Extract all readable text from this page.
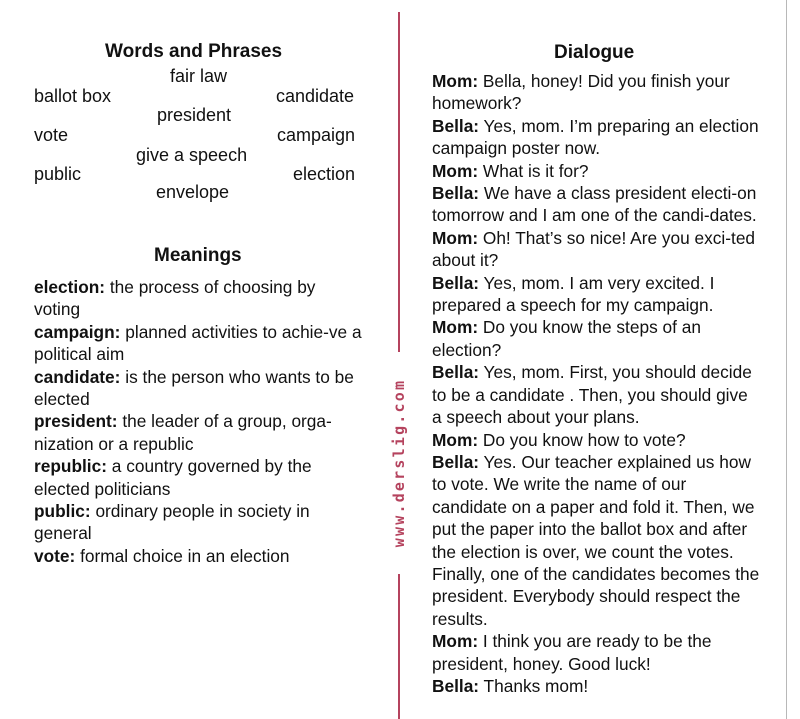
Words and Phrases
fair law
ballot box	candidate
president
vote	campaign
give a speech
public	election
envelope
Meanings

election: the process of choosing by voting

campaign: planned activities to achie-ve a political aim

candidate: is the person who wants to be elected

president: the leader of a group, orga-nization or a republic

republic: a country governed by the elected politicians

public: ordinary people in society in general

vote: formal choice in an election

www.derslig.com
Dialogue

Mom: Bella, honey! Did you finish your homework?

Bella: Yes, mom. I’m preparing an election campaign poster now.

Mom: What is it for?

Bella: We have a class president electi-on tomorrow and I am one of the candi-dates.

Mom: Oh! That’s so nice! Are you exci-ted about it?

Bella: Yes, mom. I am very excited. I prepared a speech for my campaign.

Mom: Do you know the steps of an election?

Bella: Yes, mom. First, you should decide to be a candidate . Then, you should give a speech about your plans.

Mom: Do you know how to vote?

Bella: Yes. Our teacher explained us how to vote. We write the name of our candidate on a paper and fold it. Then, we put the paper into the ballot box and after the election is over, we count the votes. Finally, one of the candidates becomes the president. Everybody should respect the results.

Mom: I think you are ready to be the president, honey. Good luck!

Bella: Thanks mom!
